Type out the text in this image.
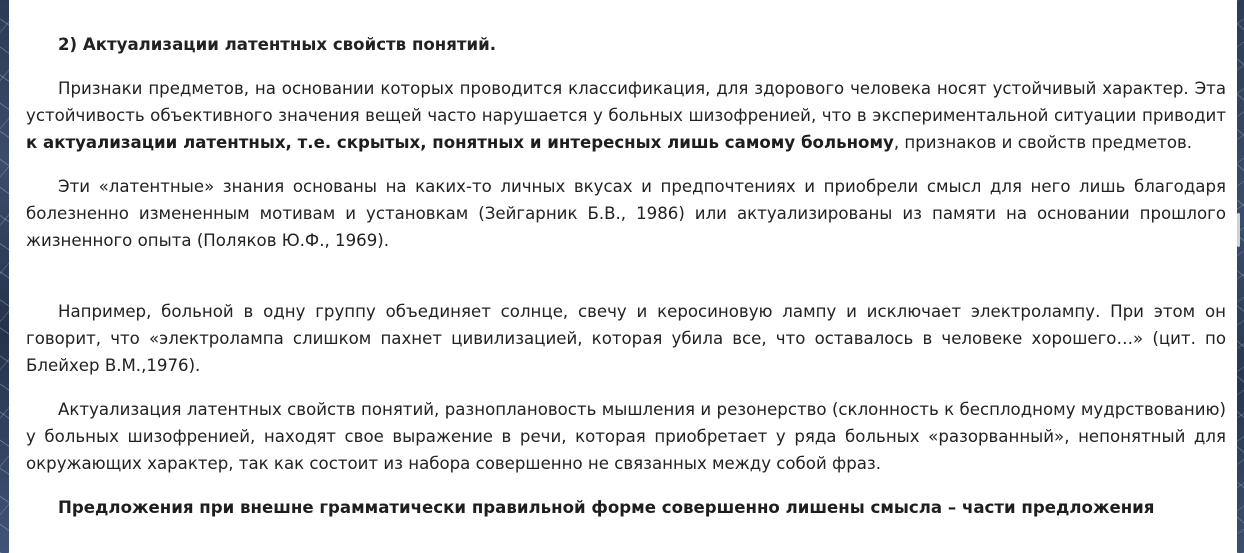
2) Актуализации латентных свойств понятий.

Признаки предметов, на основании которых проводится классификация, для здорового человека носят устойчивый характер. Эта устойчивость объективного значения вещей часто нарушается у больных шизофренией, что в экспериментальной ситуации приводит к актуализации латентных, т.е. скрытых, понятных и интересных лишь самому больному, признаков и свойств предметов.

Эти «латентные» знания основаны на каких-то личных вкусах и предпочтениях и приобрели смысл для него лишь благодаря болезненно измененным мотивам и установкам (Зейгарник Б.В., 1986) или актуализированы из памяти на основании прошлого жизненного опыта (Поляков Ю.Ф., 1969).

Например, больной в одну группу объединяет солнце, свечу и керосиновую лампу и исключает электролампу. При этом он говорит, что «электролампа слишком пахнет цивилизацией, которая убила все, что оставалось в человеке хорошего…» (цит. по Блейхер В.М.,1976).

Актуализация латентных свойств понятий, разноплановость мышления и резонерство (склонность к бесплодному мудрствованию) у больных шизофренией, находят свое выражение в речи, которая приобретает у ряда больных «разорванный», непонятный для окружающих характер, так как состоит из набора совершенно не связанных между собой фраз.

Предложения при внешне грамматически правильной форме совершенно лишены смысла – части предложения
